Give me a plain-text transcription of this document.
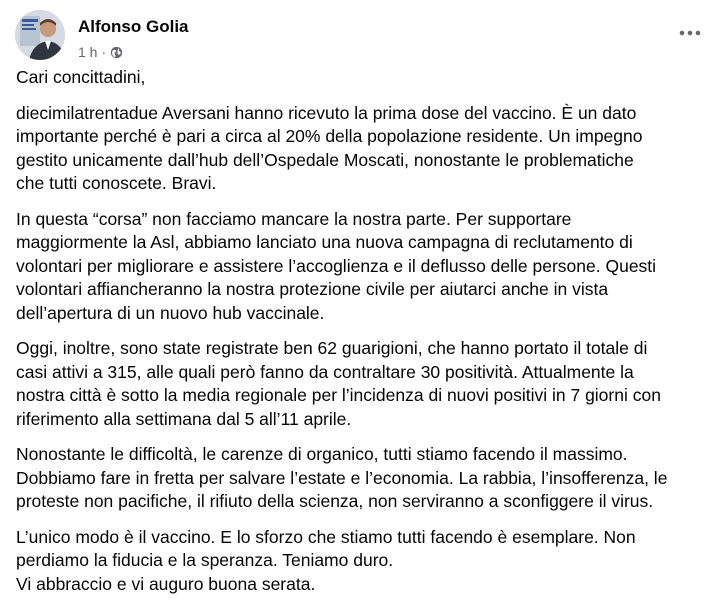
Alfonso Golia
1 h ·

Cari concittadini,

diecimilatrentadue Aversani hanno ricevuto la prima dose del vaccino. È un dato
importante perché è pari a circa al 20% della popolazione residente. Un impegno
gestito unicamente dall’hub dell’Ospedale Moscati, nonostante le problematiche
che tutti conoscete. Bravi.

In questa “corsa” non facciamo mancare la nostra parte. Per supportare
maggiormente la Asl, abbiamo lanciato una nuova campagna di reclutamento di
volontari per migliorare e assistere l’accoglienza e il deflusso delle persone. Questi
volontari affiancheranno la nostra protezione civile per aiutarci anche in vista
dell’apertura di un nuovo hub vaccinale.

Oggi, inoltre, sono state registrate ben 62 guarigioni, che hanno portato il totale di
casi attivi a 315, alle quali però fanno da contraltare 30 positività. Attualmente la
nostra città è sotto la media regionale per l’incidenza di nuovi positivi in 7 giorni con
riferimento alla settimana dal 5 all’11 aprile.

Nonostante le difficoltà, le carenze di organico, tutti stiamo facendo il massimo.
Dobbiamo fare in fretta per salvare l’estate e l’economia. La rabbia, l’insofferenza, le
proteste non pacifiche, il rifiuto della scienza, non serviranno a sconfiggere il virus.

L’unico modo è il vaccino. E lo sforzo che stiamo tutti facendo è esemplare. Non
perdiamo la fiducia e la speranza. Teniamo duro.
Vi abbraccio e vi auguro buona serata.
